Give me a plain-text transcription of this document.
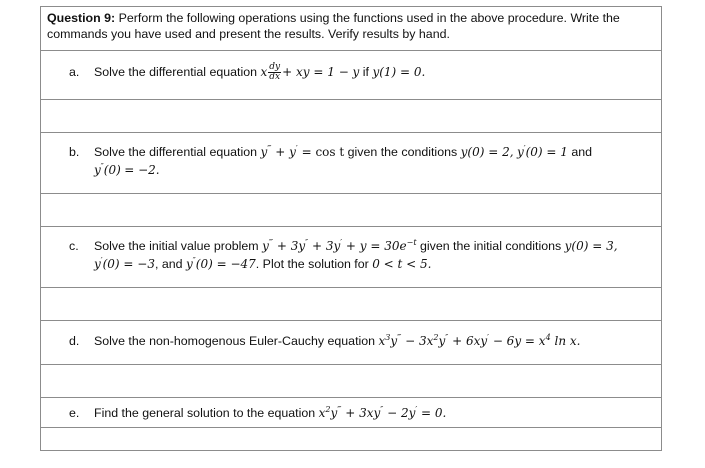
Question 9: Perform the following operations using the functions used in the above procedure. Write the commands you have used and present the results. Verify results by hand.
a. Solve the differential equation x $\frac{dy}{dx}$ + xy = 1 − y if y(1) = 0.
b. Solve the differential equation y‴ + y′ = cos t given the conditions y(0) = 2, y′(0) = 1 and
y″(0) = −2.
c. Solve the initial value problem $y^‴ + 3y'' + 3y' + y = 30e^{-t}$ given the initial conditions y(0) = 3,
y′(0) = −3, and y″(0) = −47. Plot the solution for 0 < t < 5.
d. Solve the non-homogenous Euler-Cauchy equation $x^3y^‴ - 3x^2y'' + 6xy' - 6y = x^4$ ln x.
e. Find the general solution to the equation $x^2y^‴ + 3xy'' - 2y' = 0$.
